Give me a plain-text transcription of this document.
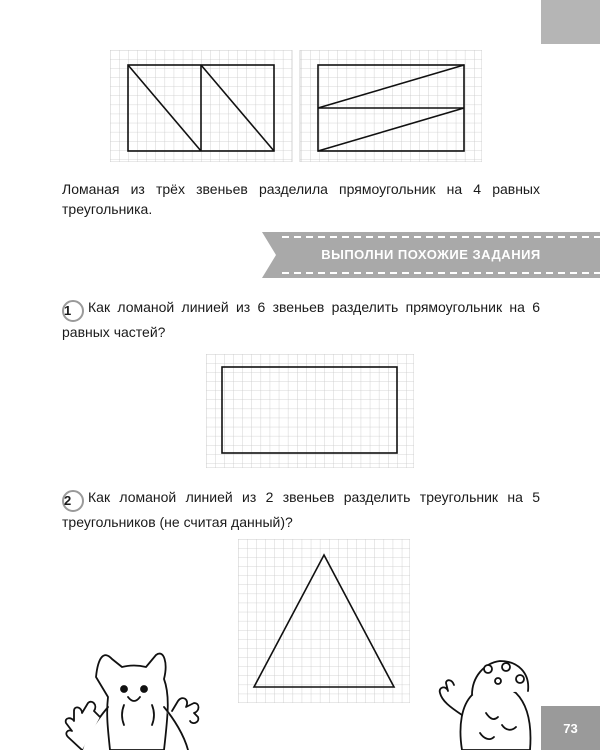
Ломаная из трёх звеньев разделила прямоугольник на 4 равных треугольника.
ВЫПОЛНИ ПОХОЖИЕ ЗАДАНИЯ
1 Как ломаной линией из 6 звеньев разделить прямоугольник на 6 равных частей?
2 Как ломаной линией из 2 звеньев разделить треугольник на 5 треугольников (не считая данный)?
73
